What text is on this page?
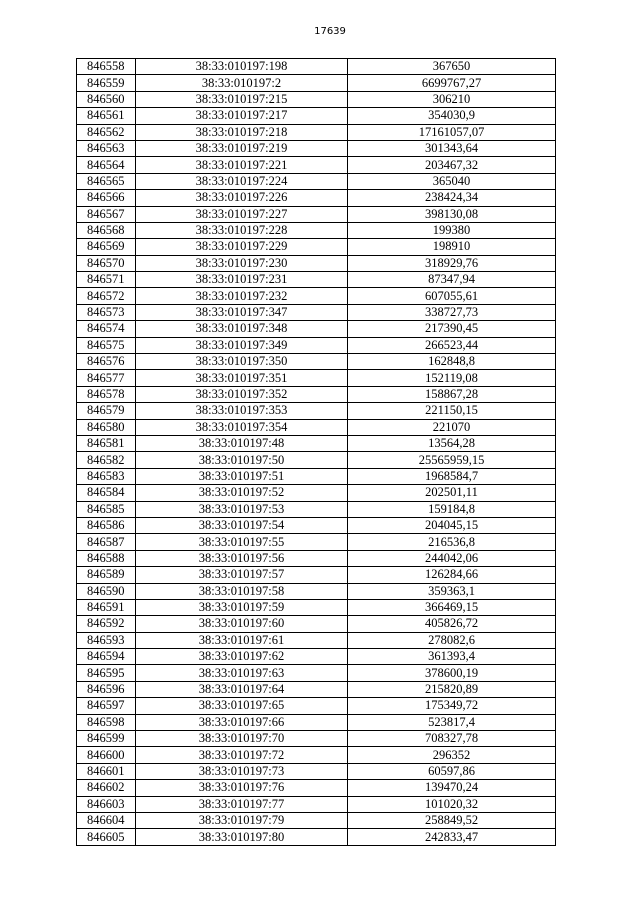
17639
846558	38:33:010197:198	367650
846559	38:33:010197:2	6699767,27
846560	38:33:010197:215	306210
846561	38:33:010197:217	354030,9
846562	38:33:010197:218	17161057,07
846563	38:33:010197:219	301343,64
846564	38:33:010197:221	203467,32
846565	38:33:010197:224	365040
846566	38:33:010197:226	238424,34
846567	38:33:010197:227	398130,08
846568	38:33:010197:228	199380
846569	38:33:010197:229	198910
846570	38:33:010197:230	318929,76
846571	38:33:010197:231	87347,94
846572	38:33:010197:232	607055,61
846573	38:33:010197:347	338727,73
846574	38:33:010197:348	217390,45
846575	38:33:010197:349	266523,44
846576	38:33:010197:350	162848,8
846577	38:33:010197:351	152119,08
846578	38:33:010197:352	158867,28
846579	38:33:010197:353	221150,15
846580	38:33:010197:354	221070
846581	38:33:010197:48	13564,28
846582	38:33:010197:50	25565959,15
846583	38:33:010197:51	1968584,7
846584	38:33:010197:52	202501,11
846585	38:33:010197:53	159184,8
846586	38:33:010197:54	204045,15
846587	38:33:010197:55	216536,8
846588	38:33:010197:56	244042,06
846589	38:33:010197:57	126284,66
846590	38:33:010197:58	359363,1
846591	38:33:010197:59	366469,15
846592	38:33:010197:60	405826,72
846593	38:33:010197:61	278082,6
846594	38:33:010197:62	361393,4
846595	38:33:010197:63	378600,19
846596	38:33:010197:64	215820,89
846597	38:33:010197:65	175349,72
846598	38:33:010197:66	523817,4
846599	38:33:010197:70	708327,78
846600	38:33:010197:72	296352
846601	38:33:010197:73	60597,86
846602	38:33:010197:76	139470,24
846603	38:33:010197:77	101020,32
846604	38:33:010197:79	258849,52
846605	38:33:010197:80	242833,47
